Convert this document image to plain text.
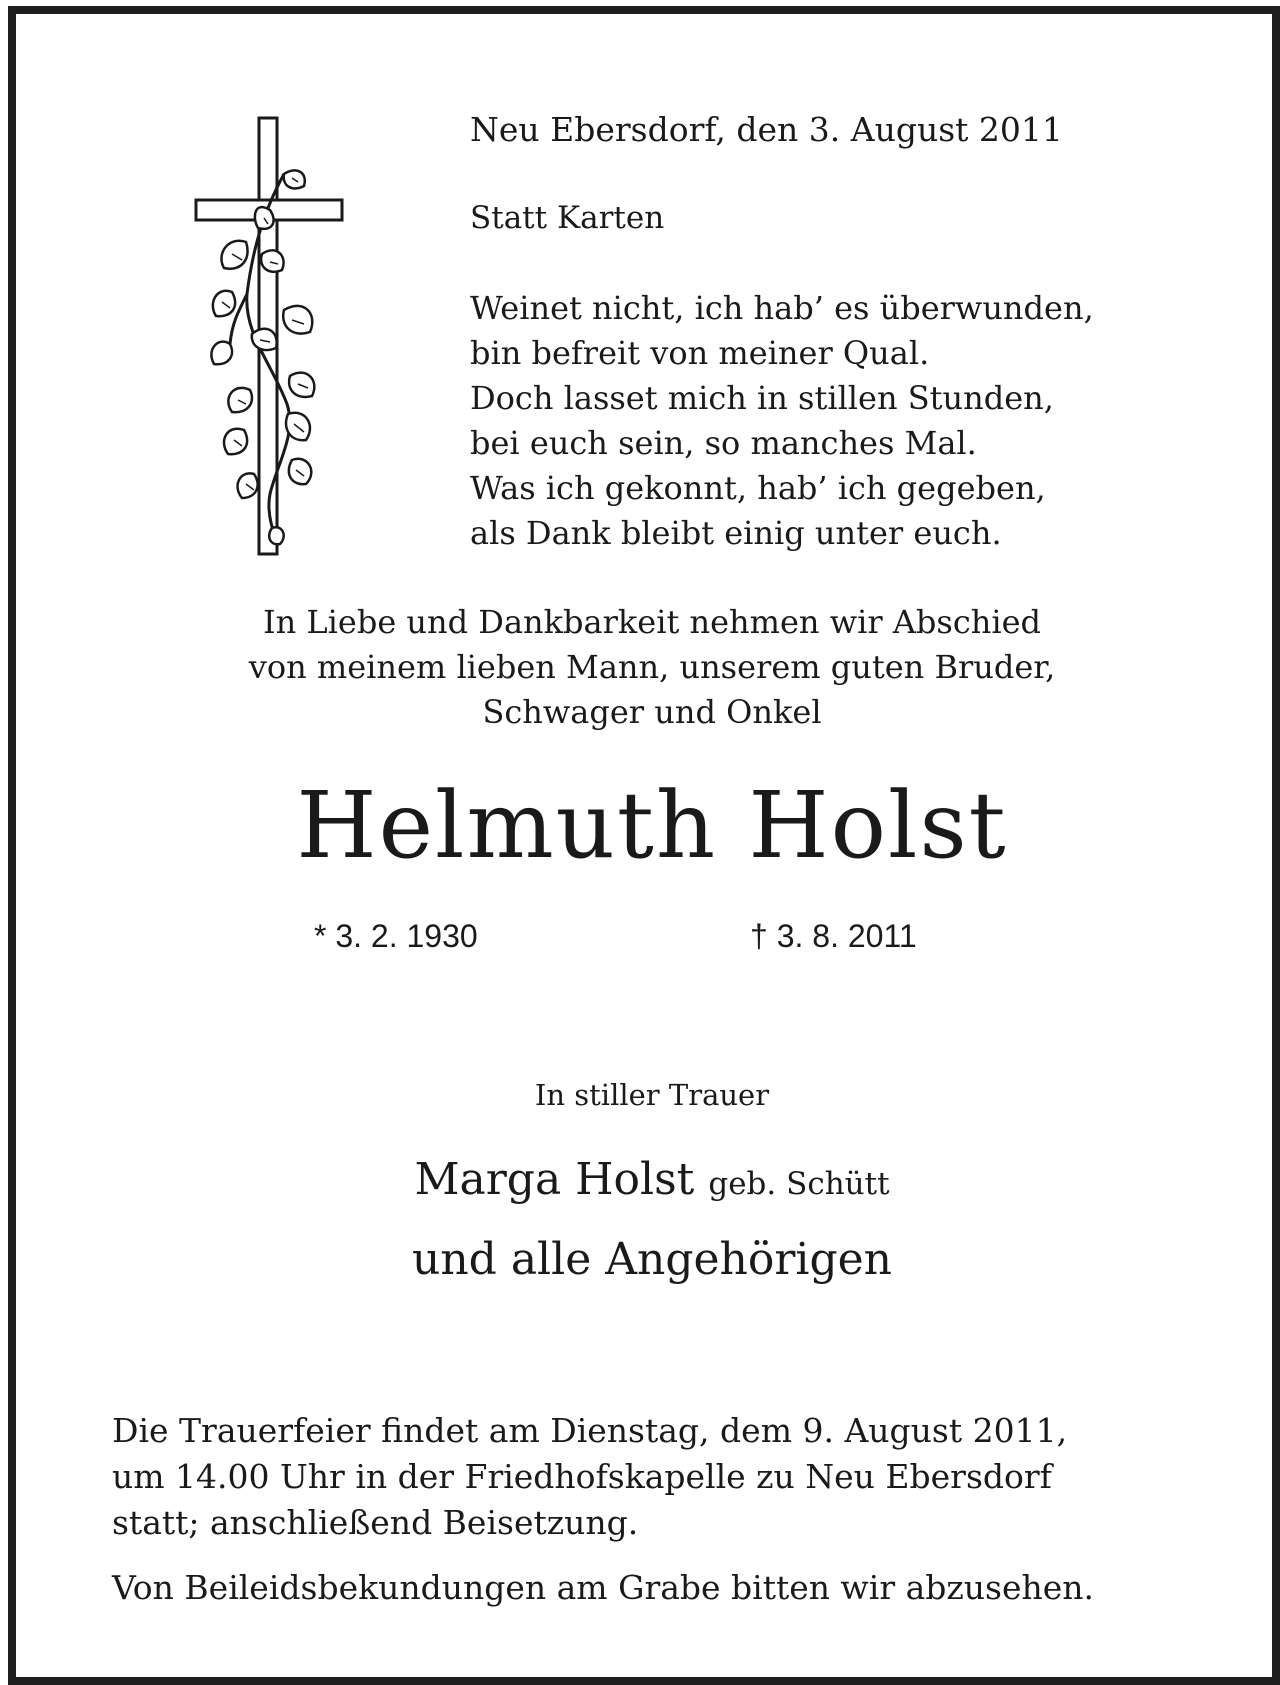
Neu Ebersdorf, den 3. August 2011
Statt Karten
Weinet nicht, ich hab’ es überwunden,
bin befreit von meiner Qual.
Doch lasset mich in stillen Stunden,
bei euch sein, so manches Mal.
Was ich gekonnt, hab’ ich gegeben,
als Dank bleibt einig unter euch.
In Liebe und Dankbarkeit nehmen wir Abschied
von meinem lieben Mann, unserem guten Bruder,
Schwager und Onkel
Helmuth Holst
* 3. 2. 1930	† 3. 8. 2011
In stiller Trauer
Marga Holst geb. Schütt
und alle Angehörigen
Die Trauerfeier findet am Dienstag, dem 9. August 2011,
um 14.00 Uhr in der Friedhofskapelle zu Neu Ebersdorf
statt; anschließend Beisetzung.
Von Beileidsbekundungen am Grabe bitten wir abzusehen.
